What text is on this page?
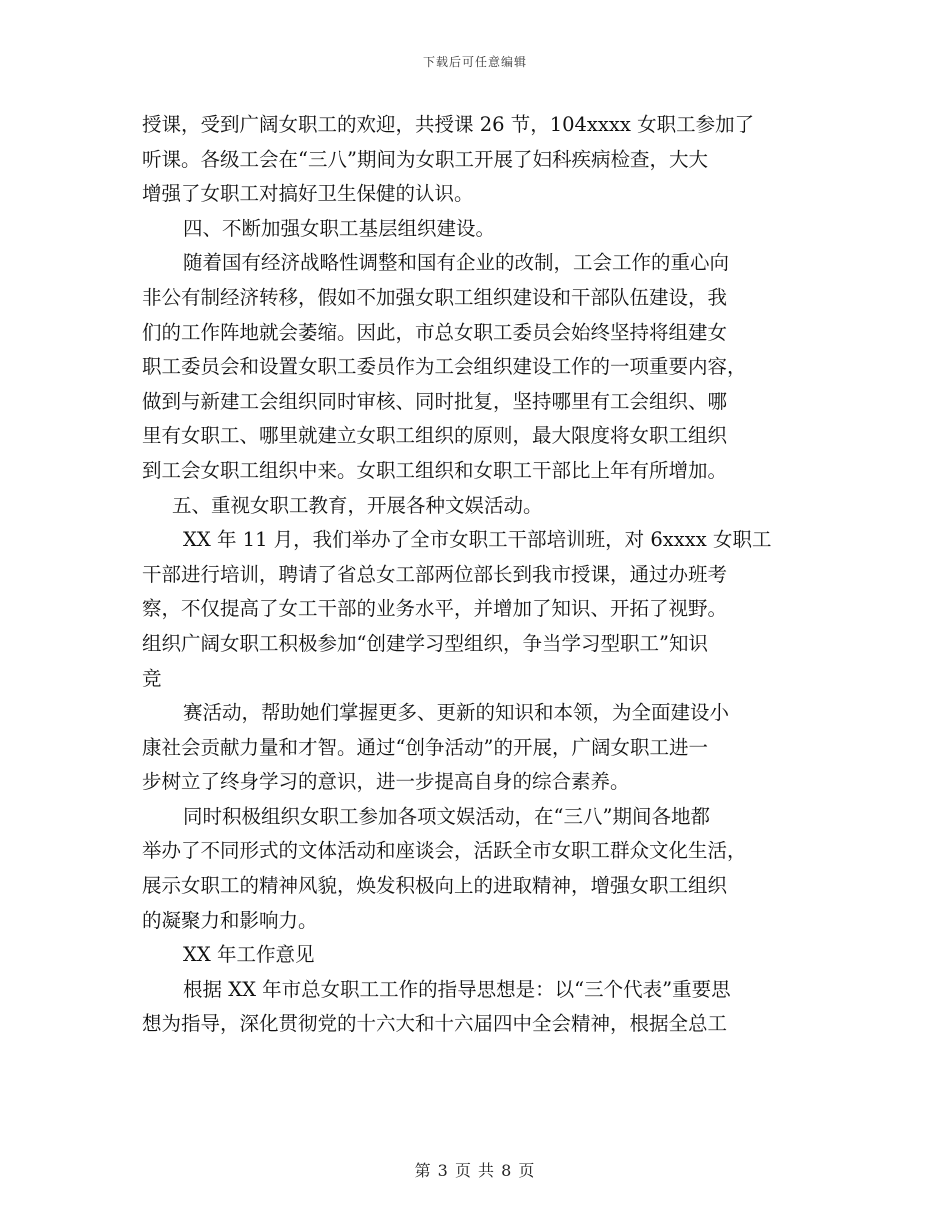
下载后可任意编辑
授课，受到广阔女职工的欢迎，共授课 26 节，104xxxx 女职工参加了
听课。各级工会在“三八”期间为女职工开展了妇科疾病检查，大大
增强了女职工对搞好卫生保健的认识。
四、不断加强女职工基层组织建设。
随着国有经济战略性调整和国有企业的改制，工会工作的重心向
非公有制经济转移，假如不加强女职工组织建设和干部队伍建设，我
们的工作阵地就会萎缩。因此，市总女职工委员会始终坚持将组建女
职工委员会和设置女职工委员作为工会组织建设工作的一项重要内容，
做到与新建工会组织同时审核、同时批复，坚持哪里有工会组织、哪
里有女职工、哪里就建立女职工组织的原则，最大限度将女职工组织
到工会女职工组织中来。女职工组织和女职工干部比上年有所增加。
五、重视女职工教育，开展各种文娱活动。
XX 年 11 月，我们举办了全市女职工干部培训班，对 6xxxx 女职工
干部进行培训，聘请了省总女工部两位部长到我市授课，通过办班考
察，不仅提高了女工干部的业务水平，并增加了知识、开拓了视野。
组织广阔女职工积极参加“创建学习型组织，争当学习型职工”知识
竞
赛活动，帮助她们掌握更多、更新的知识和本领，为全面建设小
康社会贡献力量和才智。通过“创争活动”的开展，广阔女职工进一
步树立了终身学习的意识，进一步提高自身的综合素养。
同时积极组织女职工参加各项文娱活动，在“三八”期间各地都
举办了不同形式的文体活动和座谈会，活跃全市女职工群众文化生活，
展示女职工的精神风貌，焕发积极向上的进取精神，增强女职工组织
的凝聚力和影响力。
XX 年工作意见
根据 XX 年市总女职工工作的指导思想是：以“三个代表”重要思
想为指导，深化贯彻党的十六大和十六届四中全会精神，根据全总工
第 3 页 共 8 页
